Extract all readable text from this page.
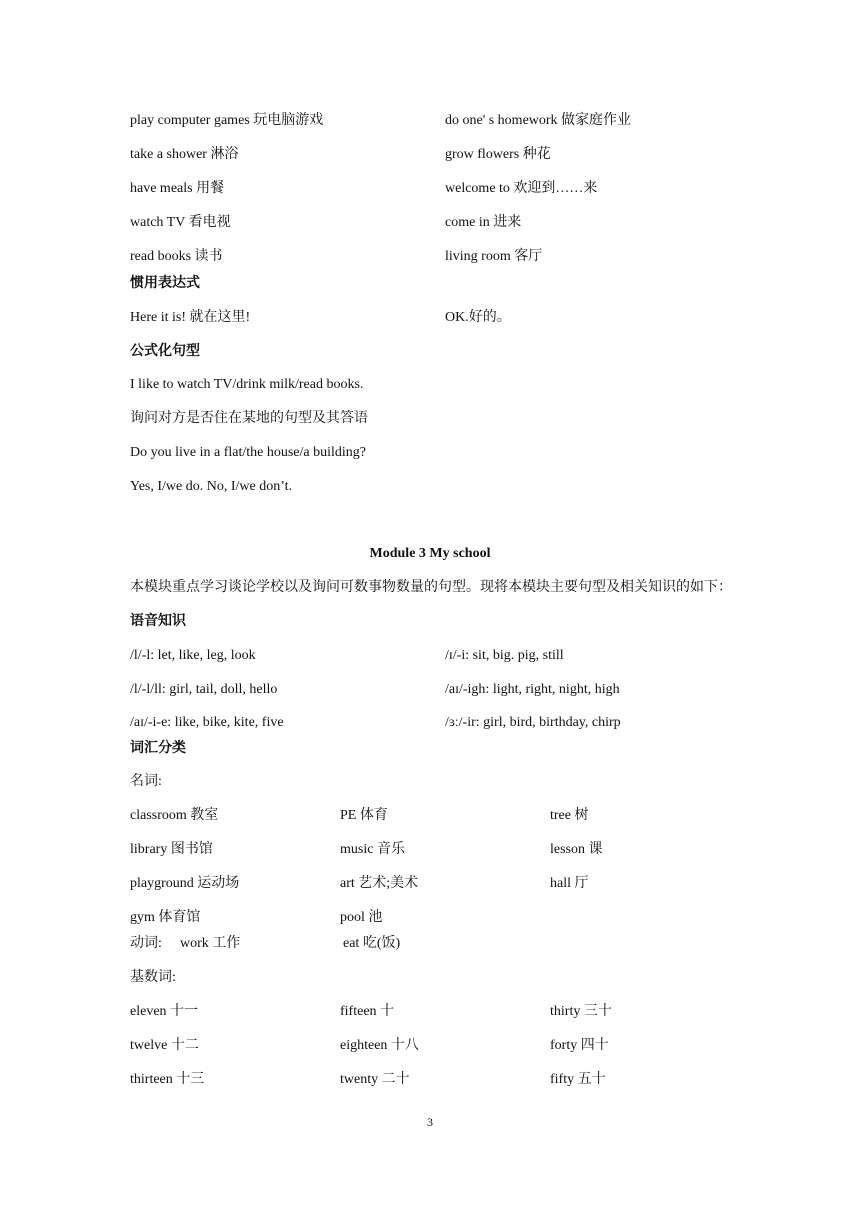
play computer games 玩电脑游戏	do one' s homework 做家庭作业
take a shower 淋浴	grow flowers 种花
have meals 用餐	welcome to 欢迎到……来
watch TV 看电视	come in 进来
read books 读书	living room 客厅
惯用表达式
Here it is! 就在这里!	OK.好的。
公式化句型
I like to watch TV/drink milk/read books.
询问对方是否住在某地的句型及其答语
Do you live in a flat/the house/a building?
Yes, I/we do. No, I/we don’t.
Module 3 My school
本模块重点学习谈论学校以及询问可数事物数量的句型。现将本模块主要句型及相关知识的如下：
语音知识
/l/-l: let, like, leg, look	/ɪ/-i: sit, big. pig, still
/l/-l/ll: girl, tail, doll, hello	/aɪ/-igh: light, right, night, high
/aɪ/-i-e: like, bike, kite, five	/ɜː/-ir: girl, bird, birthday, chirp
词汇分类
名词:
classroom 教室	PE 体育	tree 树
library 图书馆	music 音乐	lesson 课
playground 运动场	art 艺术;美术	hall 厅
gym 体育馆	pool 池
动词: work 工作	eat 吃(饭)
基数词:
eleven 十一	fifteen 十	thirty 三十
twelve 十二	eighteen 十八	forty 四十
thirteen 十三	twenty 二十	fifty 五十
3
